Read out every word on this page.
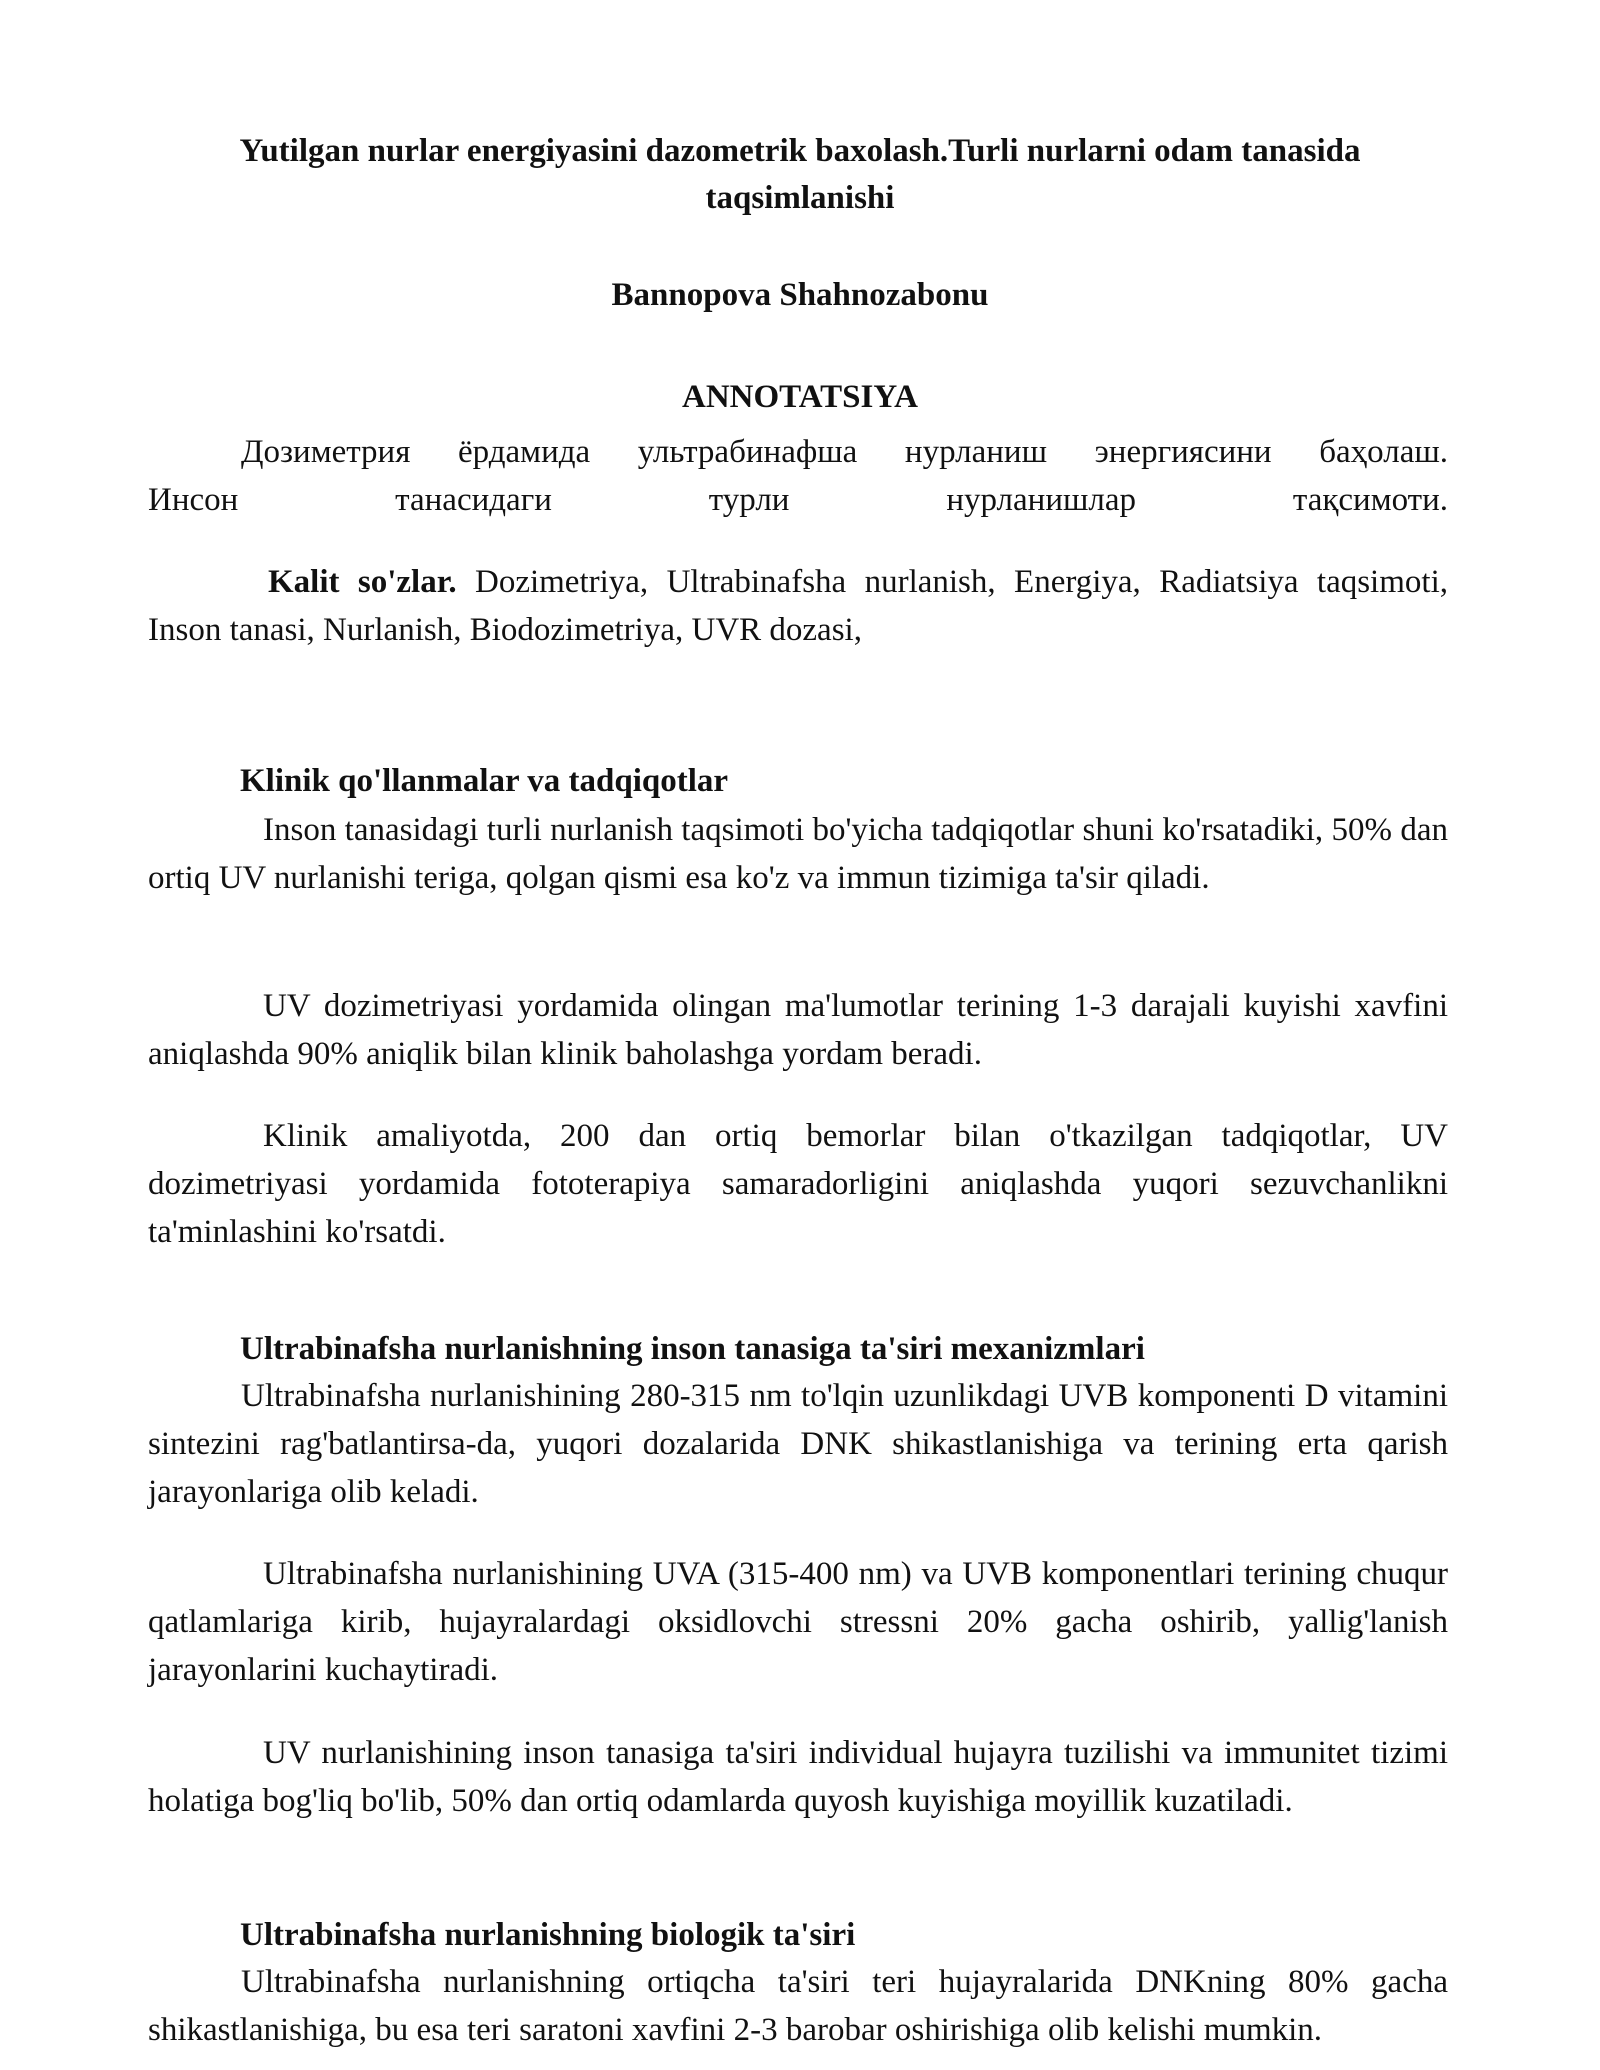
Yutilgan nurlar energiyasini dazometrik baxolash.Turli nurlarni odam tanasida taqsimlanishi
Bannopova Shahnozabonu
ANNOTATSIYA
Дозиметрия ёрдамида ультрабинафша нурланиш энергиясини баҳолаш.
Инсон танасидаги турли нурланишлар тақсимоти.

Kalit so'zlar. Dozimetriya, Ultrabinafsha nurlanish, Energiya, Radiatsiya taqsimoti, Inson tanasi, Nurlanish, Biodozimetriya, UVR dozasi,

Klinik qo'llanmalar va tadqiqotlar

Inson tanasidagi turli nurlanish taqsimoti bo'yicha tadqiqotlar shuni ko'rsatadiki, 50% dan ortiq UV nurlanishi teriga, qolgan qismi esa ko'z va immun tizimiga ta'sir qiladi.

UV dozimetriyasi yordamida olingan ma'lumotlar terining 1-3 darajali kuyishi xavfini aniqlashda 90% aniqlik bilan klinik baholashga yordam beradi.

Klinik amaliyotda, 200 dan ortiq bemorlar bilan o'tkazilgan tadqiqotlar, UV dozimetriyasi yordamida fototerapiya samaradorligini aniqlashda yuqori sezuvchanlikni ta'minlashini ko'rsatdi.

Ultrabinafsha nurlanishning inson tanasiga ta'siri mexanizmlari

Ultrabinafsha nurlanishining 280-315 nm to'lqin uzunlikdagi UVB komponenti D vitamini sintezini rag'batlantirsa-da, yuqori dozalarida DNK shikastlanishiga va terining erta qarish jarayonlariga olib keladi.

Ultrabinafsha nurlanishining UVA (315-400 nm) va UVB komponentlari terining chuqur qatlamlariga kirib, hujayralardagi oksidlovchi stressni 20% gacha oshirib, yallig'lanish jarayonlarini kuchaytiradi.

UV nurlanishining inson tanasiga ta'siri individual hujayra tuzilishi va immunitet tizimi holatiga bog'liq bo'lib, 50% dan ortiq odamlarda quyosh kuyishiga moyillik kuzatiladi.

Ultrabinafsha nurlanishning biologik ta'siri

Ultrabinafsha nurlanishning ortiqcha ta'siri teri hujayralarida DNKning 80% gacha shikastlanishiga, bu esa teri saratoni xavfini 2-3 barobar oshirishiga olib kelishi mumkin.
